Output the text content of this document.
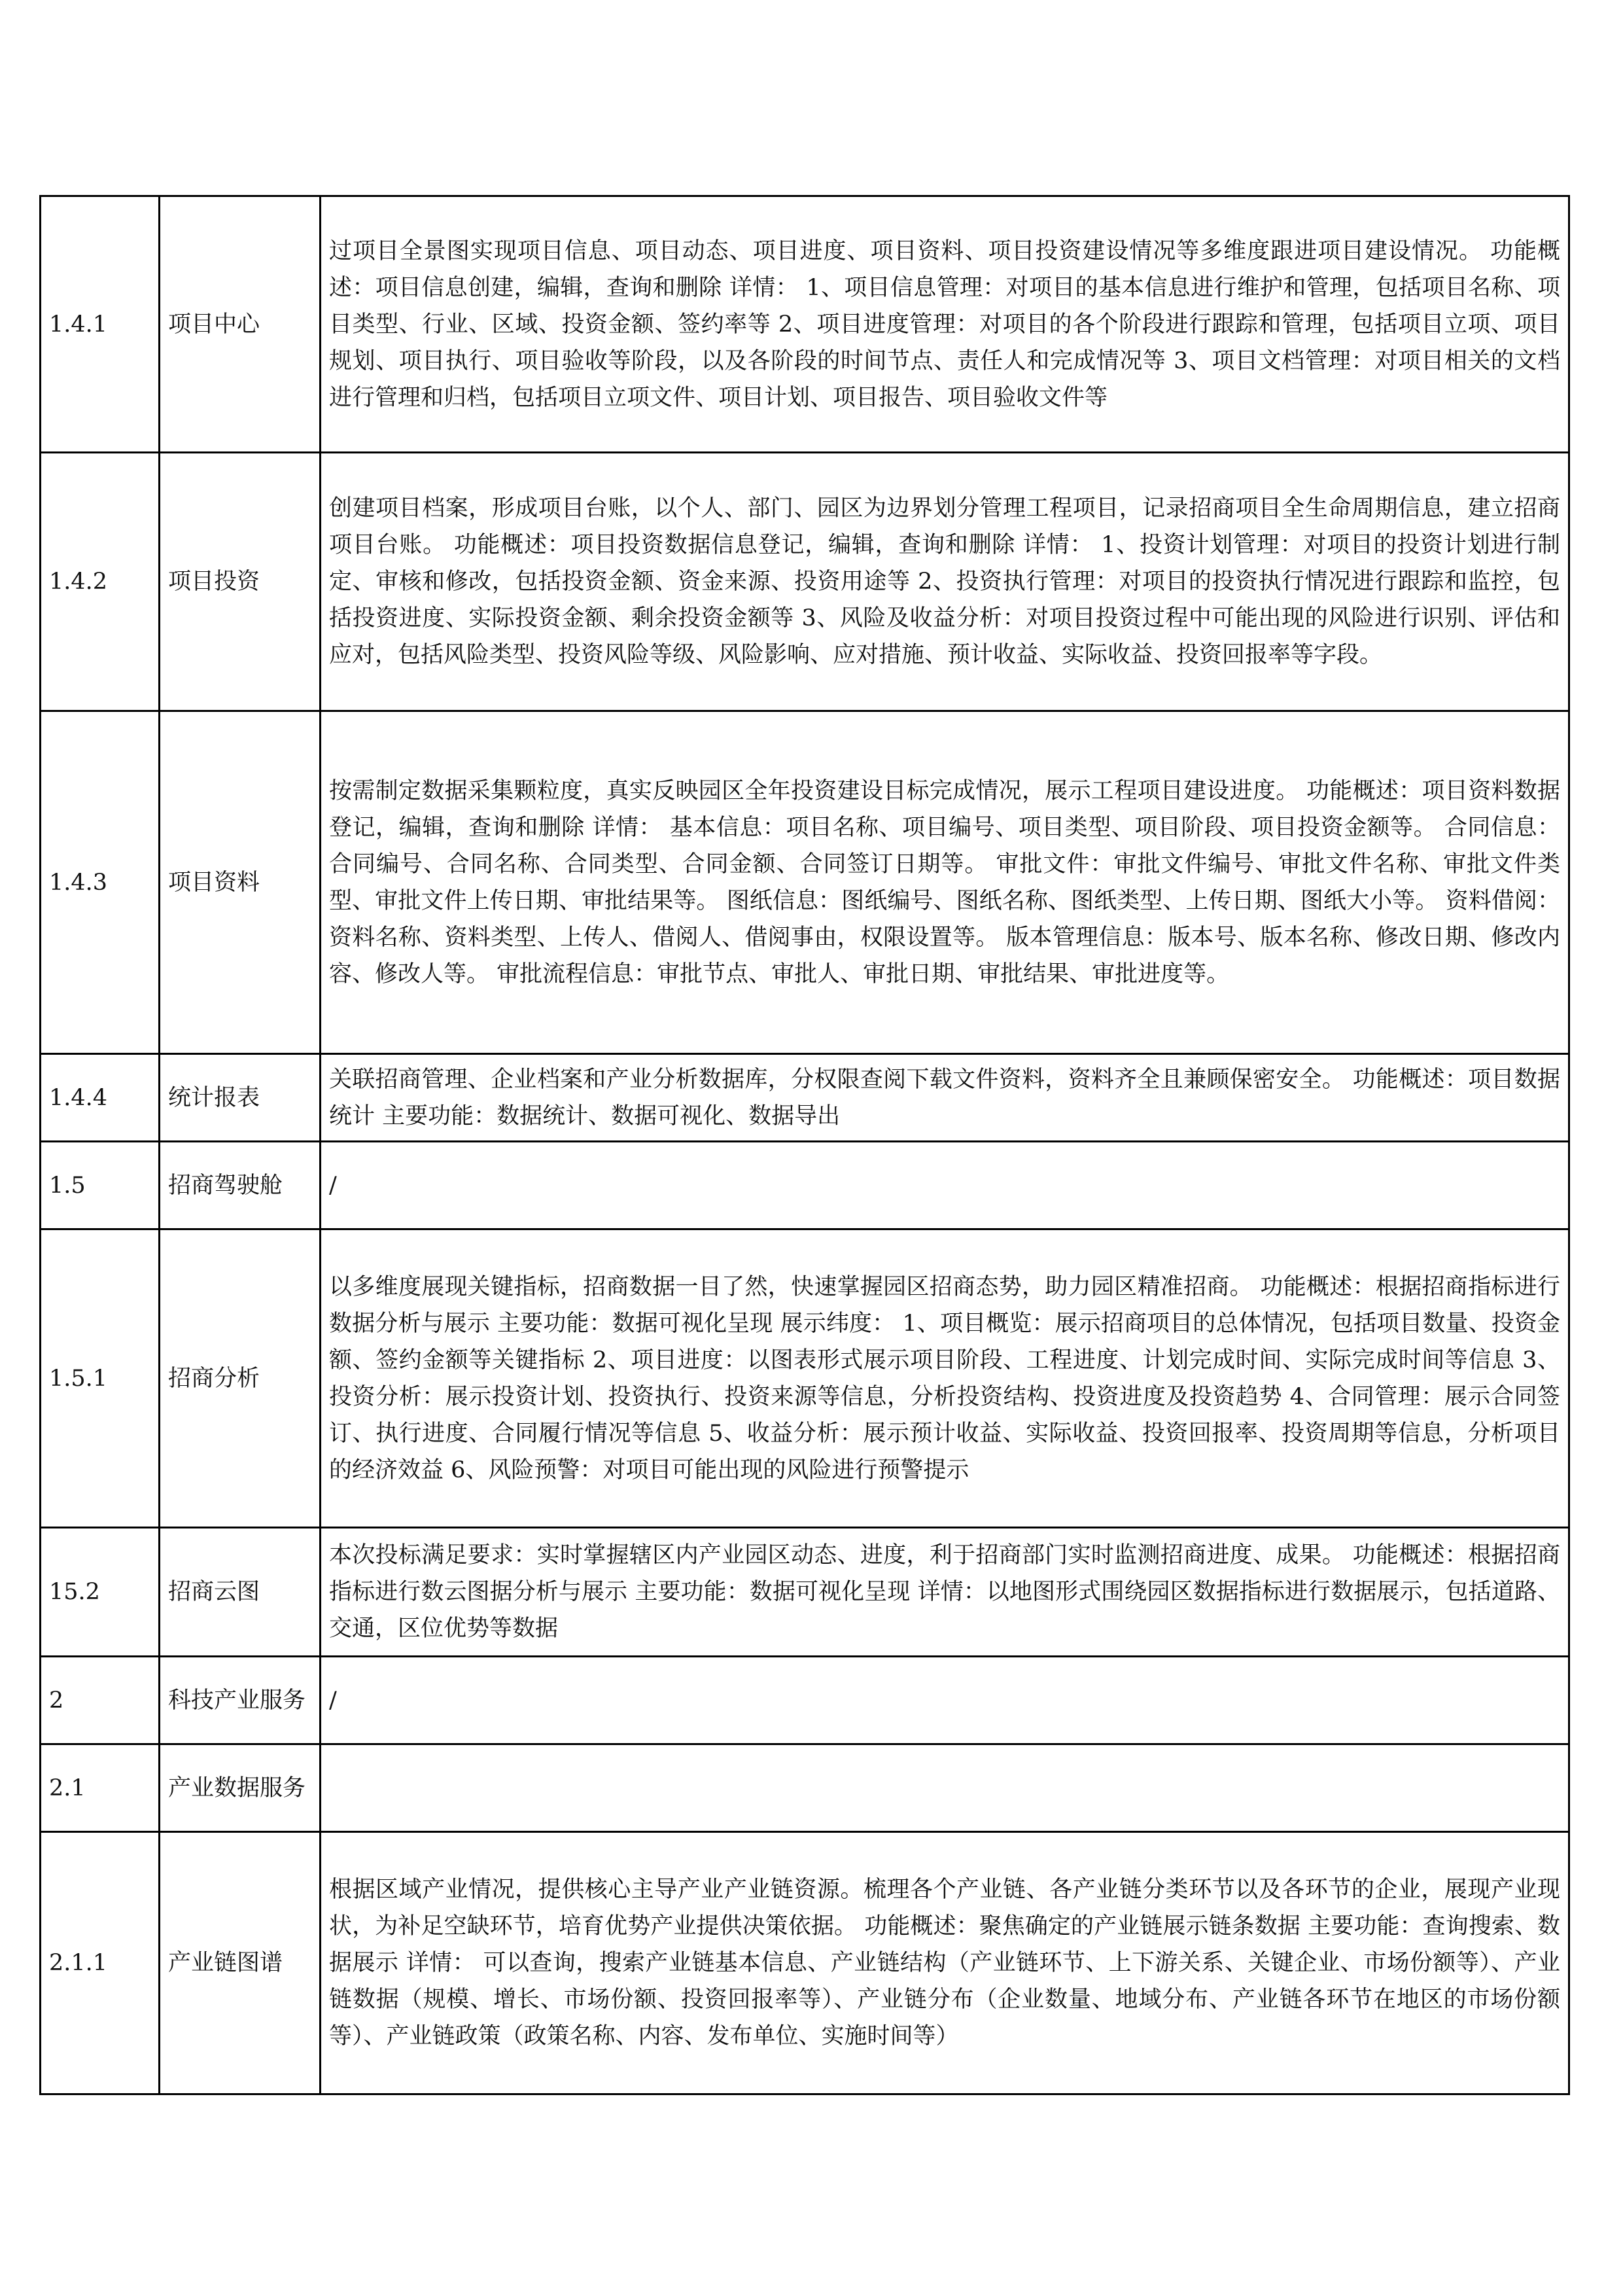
1.4.1	项目中心	过项目全景图实现项目信息、项目动态、项目进度、项目资料、项目投资建设情况等多维度跟进项目建设情况。 功能概述：项目信息创建，编辑，查询和删除 详情： 1、项目信息管理：对项目的基本信息进行维护和管理，包括项目名称、项目类型、行业、区域、投资金额、签约率等 2、项目进度管理：对项目的各个阶段进行跟踪和管理，包括项目立项、项目规划、项目执行、项目验收等阶段，以及各阶段的时间节点、责任人和完成情况等 3、项目文档管理：对项目相关的文档进行管理和归档，包括项目立项文件、项目计划、项目报告、项目验收文件等
1.4.2	项目投资	创建项目档案，形成项目台账，以个人、部门、园区为边界划分管理工程项目，记录招商项目全生命周期信息，建立招商项目台账。 功能概述：项目投资数据信息登记，编辑，查询和删除 详情： 1、投资计划管理：对项目的投资计划进行制定、审核和修改，包括投资金额、资金来源、投资用途等 2、投资执行管理：对项目的投资执行情况进行跟踪和监控，包括投资进度、实际投资金额、剩余投资金额等 3、风险及收益分析：对项目投资过程中可能出现的风险进行识别、评估和应对，包括风险类型、投资风险等级、风险影响、应对措施、预计收益、实际收益、投资回报率等字段。
1.4.3	项目资料	按需制定数据采集颗粒度，真实反映园区全年投资建设目标完成情况，展示工程项目建设进度。 功能概述：项目资料数据登记，编辑，查询和删除 详情： 基本信息：项目名称、项目编号、项目类型、项目阶段、项目投资金额等。 合同信息：合同编号、合同名称、合同类型、合同金额、合同签订日期等。 审批文件：审批文件编号、审批文件名称、审批文件类型、审批文件上传日期、审批结果等。 图纸信息：图纸编号、图纸名称、图纸类型、上传日期、图纸大小等。 资料借阅：资料名称、资料类型、上传人、借阅人、借阅事由，权限设置等。 版本管理信息：版本号、版本名称、修改日期、修改内容、修改人等。 审批流程信息：审批节点、审批人、审批日期、审批结果、审批进度等。
1.4.4	统计报表	关联招商管理、企业档案和产业分析数据库，分权限查阅下载文件资料，资料齐全且兼顾保密安全。 功能概述：项目数据统计 主要功能：数据统计、数据可视化、数据导出
1.5	招商驾驶舱	/
1.5.1	招商分析	以多维度展现关键指标，招商数据一目了然，快速掌握园区招商态势，助力园区精准招商。 功能概述：根据招商指标进行数据分析与展示 主要功能：数据可视化呈现 展示纬度： 1、项目概览：展示招商项目的总体情况，包括项目数量、投资金额、签约金额等关键指标 2、项目进度：以图表形式展示项目阶段、工程进度、计划完成时间、实际完成时间等信息 3、投资分析：展示投资计划、投资执行、投资来源等信息，分析投资结构、投资进度及投资趋势 4、合同管理：展示合同签订、执行进度、合同履行情况等信息 5、收益分析：展示预计收益、实际收益、投资回报率、投资周期等信息，分析项目的经济效益 6、风险预警：对项目可能出现的风险进行预警提示
15.2	招商云图	本次投标满足要求：实时掌握辖区内产业园区动态、进度，利于招商部门实时监测招商进度、成果。 功能概述：根据招商指标进行数云图据分析与展示 主要功能：数据可视化呈现 详情：以地图形式围绕园区数据指标进行数据展示，包括道路、交通，区位优势等数据
2	科技产业服务	/
2.1	产业数据服务	
2.1.1	产业链图谱	根据区域产业情况，提供核心主导产业产业链资源。梳理各个产业链、各产业链分类环节以及各环节的企业，展现产业现状，为补足空缺环节，培育优势产业提供决策依据。 功能概述：聚焦确定的产业链展示链条数据 主要功能：查询搜索、数据展示 详情： 可以查询，搜索产业链基本信息、产业链结构（产业链环节、上下游关系、关键企业、市场份额等）、产业链数据（规模、增长、市场份额、投资回报率等）、产业链分布（企业数量、地域分布、产业链各环节在地区的市场份额等）、产业链政策（政策名称、内容、发布单位、实施时间等）
